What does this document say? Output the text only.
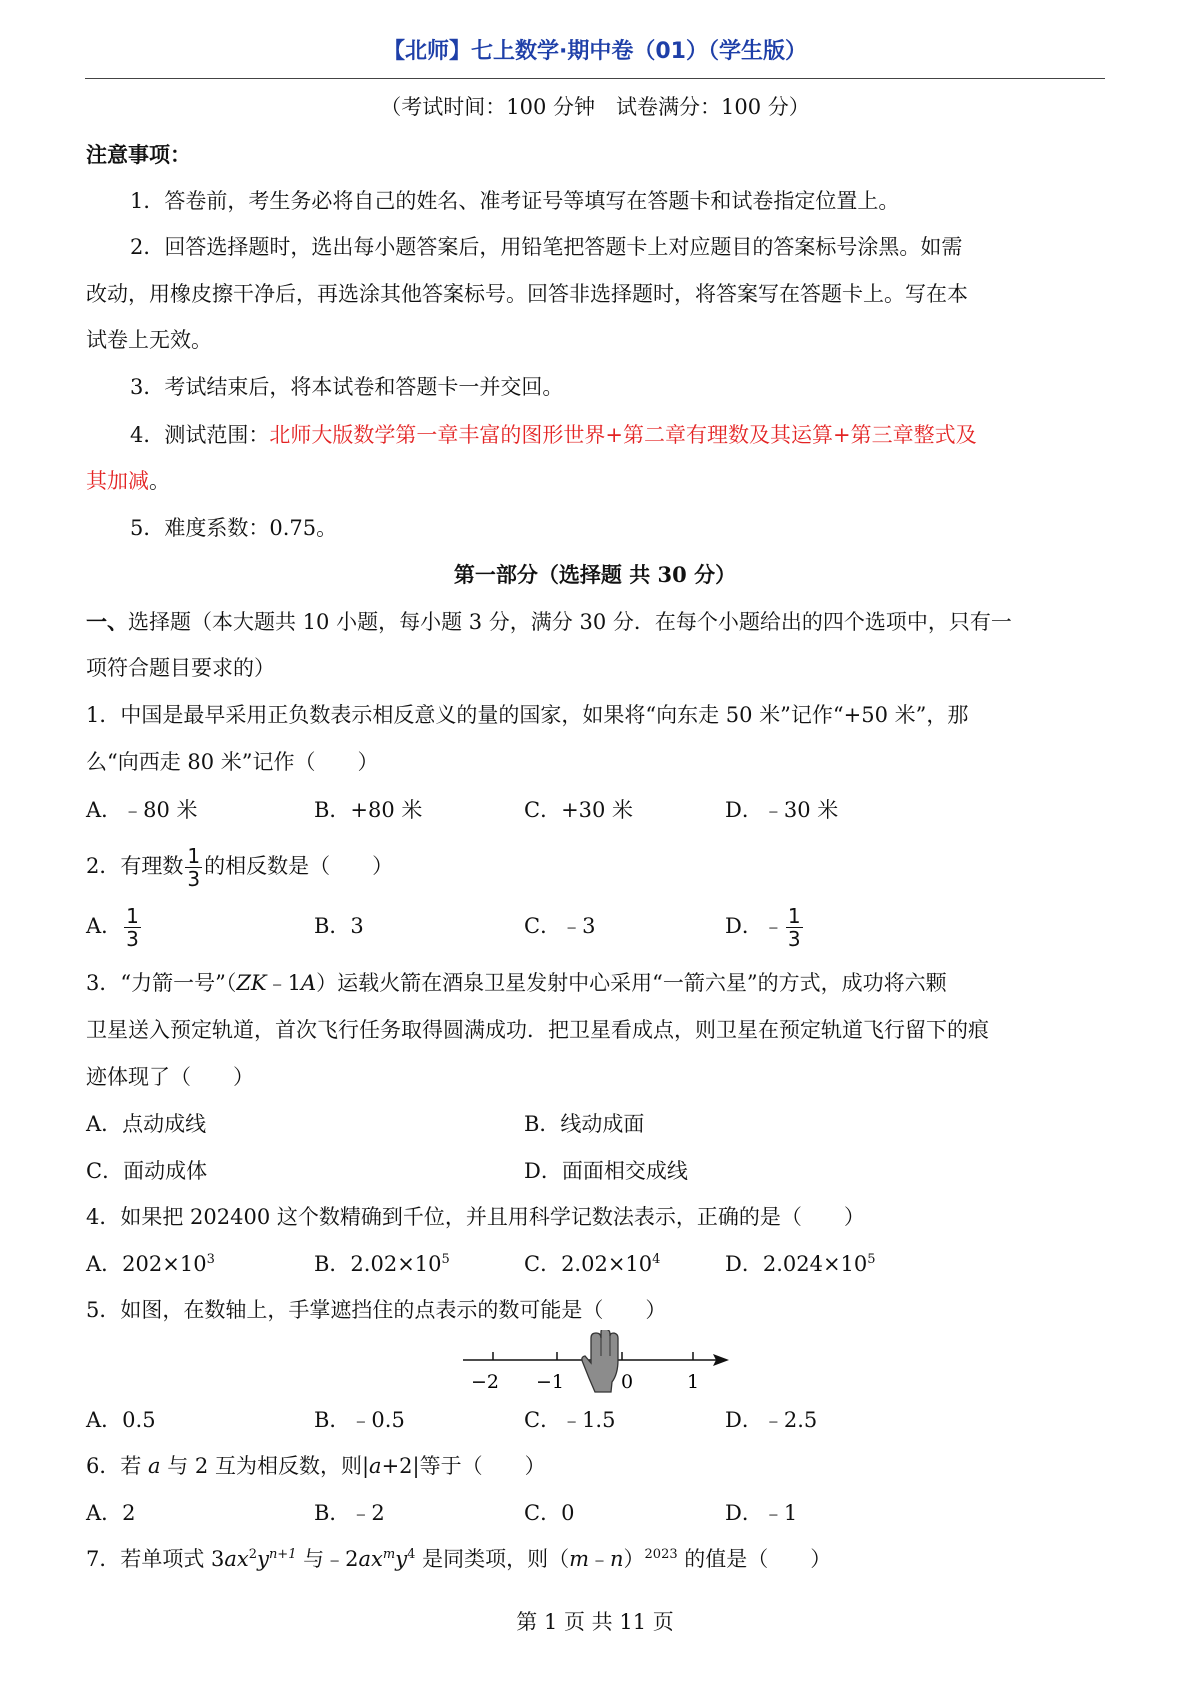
【北师】七上数学·期中卷（01）（学生版）
（考试时间：100 分钟　试卷满分：100 分）
注意事项：
1．答卷前，考生务必将自己的姓名、准考证号等填写在答题卡和试卷指定位置上。
2．回答选择题时，选出每小题答案后，用铅笔把答题卡上对应题目的答案标号涂黑。如需
改动，用橡皮擦干净后，再选涂其他答案标号。回答非选择题时，将答案写在答题卡上。写在本
试卷上无效。
3．考试结束后，将本试卷和答题卡一并交回。
4．测试范围：北师大版数学第一章丰富的图形世界+第二章有理数及其运算+第三章整式及
其加减。
5．难度系数：0.75。
第一部分（选择题 共 30 分）
一、选择题（本大题共 10 小题，每小题 3 分，满分 30 分．在每个小题给出的四个选项中，只有一
项符合题目要求的）
1．中国是最早采用正负数表示相反意义的量的国家，如果将“向东走 50 米”记作“+50 米”，那
么“向西走 80 米”记作（　　）
A．﹣80 米	B．+80 米	C．+30 米	D．﹣30 米
2．有理数 $\frac{1}{3}$ 的相反数是（　　）
A． $\frac{1}{3}$	B．3	C．﹣3	D．﹣ $\frac{1}{3}$
3．“力箭一号”（ZK﹣1A）运载火箭在酒泉卫星发射中心采用“一箭六星”的方式，成功将六颗
卫星送入预定轨道，首次飞行任务取得圆满成功．把卫星看成点，则卫星在预定轨道飞行留下的痕
迹体现了（　　）
A．点动成线	B．线动成面
C．面动成体	D．面面相交成线
4．如果把 202400 这个数精确到千位，并且用科学记数法表示，正确的是（　　）
A．$202\times 10^3$	B．$2.02\times 10^5$	C．$2.02\times 10^4$	D．$2.024\times 10^5$
5．如图，在数轴上，手掌遮挡住的点表示的数可能是（　　）
−2 −1	0	1
A．0.5	B．﹣0.5	C．﹣1.5	D．﹣2.5
6．若 a 与 2 互为相反数，则|a+2|等于（　　）
A．2	B．﹣2	C．0	D．﹣1
7．若单项式 $3ax^2y^{n+1}$ 与$﹣2ax^my^4$ 是同类项，则（m﹣n）$^{2023}$ 的值是（　　）
第 1 页 共 11 页
